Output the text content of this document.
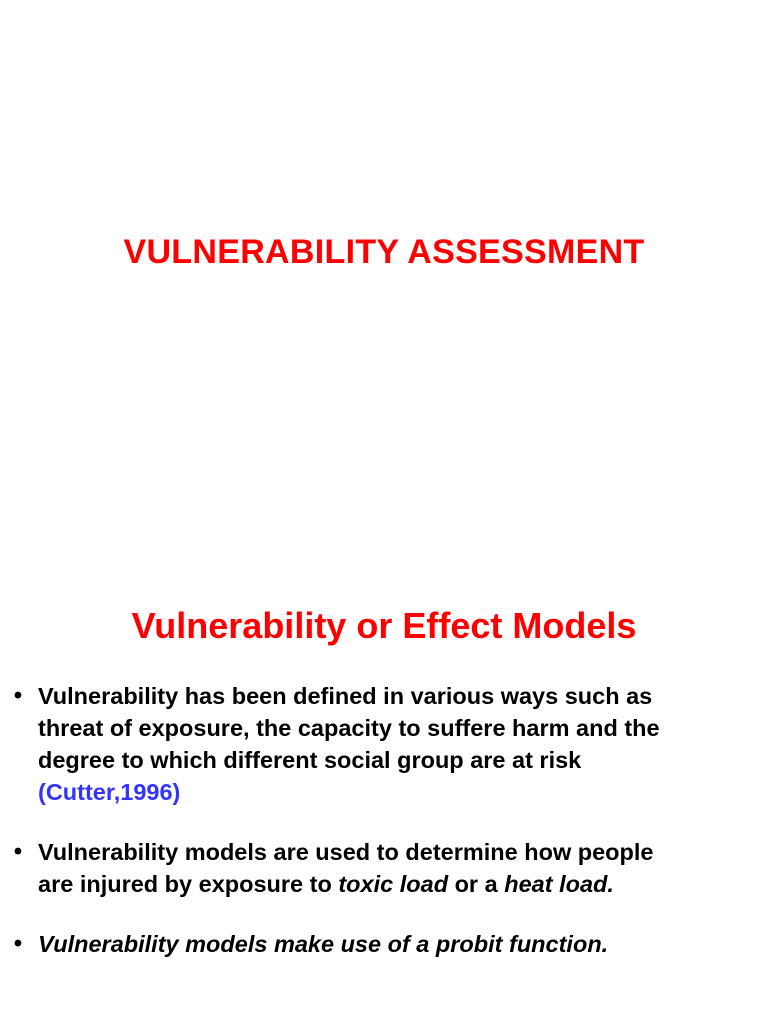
VULNERABILITY ASSESSMENT
Vulnerability or Effect Models
• Vulnerability has been defined in various ways such as
threat of exposure, the capacity to suffere harm and the
degree to which different social group are at risk
(Cutter,1996)
• Vulnerability models are used to determine how people
are injured by exposure to toxic load or a heat load.
• Vulnerability models make use of a probit function.
